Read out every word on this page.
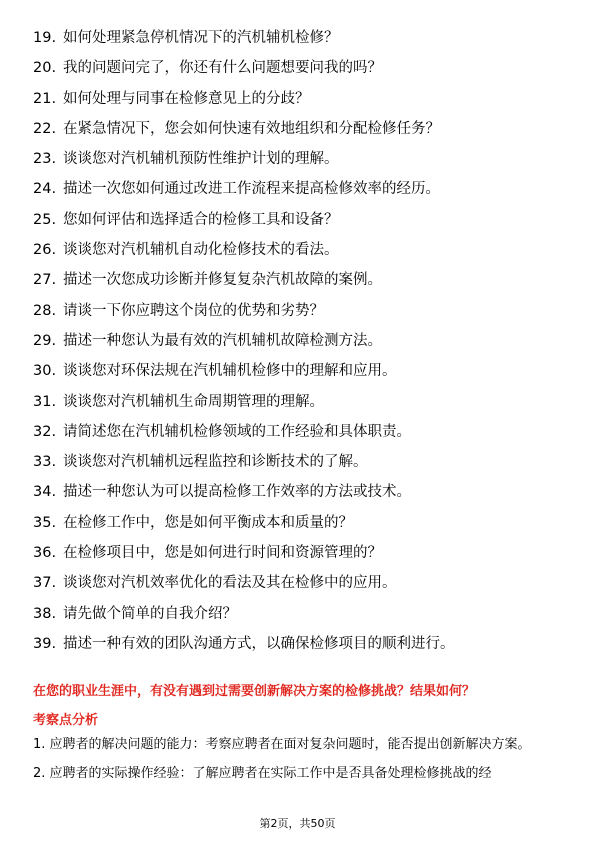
19. 如何处理紧急停机情况下的汽机辅机检修？
20. 我的问题问完了，你还有什么问题想要问我的吗？
21. 如何处理与同事在检修意见上的分歧？
22. 在紧急情况下，您会如何快速有效地组织和分配检修任务？
23. 谈谈您对汽机辅机预防性维护计划的理解。
24. 描述一次您如何通过改进工作流程来提高检修效率的经历。
25. 您如何评估和选择适合的检修工具和设备？
26. 谈谈您对汽机辅机自动化检修技术的看法。
27. 描述一次您成功诊断并修复复杂汽机故障的案例。
28. 请谈一下你应聘这个岗位的优势和劣势？
29. 描述一种您认为最有效的汽机辅机故障检测方法。
30. 谈谈您对环保法规在汽机辅机检修中的理解和应用。
31. 谈谈您对汽机辅机生命周期管理的理解。
32. 请简述您在汽机辅机检修领域的工作经验和具体职责。
33. 谈谈您对汽机辅机远程监控和诊断技术的了解。
34. 描述一种您认为可以提高检修工作效率的方法或技术。
35. 在检修工作中，您是如何平衡成本和质量的？
36. 在检修项目中，您是如何进行时间和资源管理的？
37. 谈谈您对汽机效率优化的看法及其在检修中的应用。
38. 请先做个简单的自我介绍？
39. 描述一种有效的团队沟通方式，以确保检修项目的顺利进行。
在您的职业生涯中，有没有遇到过需要创新解决方案的检修挑战？结果如何？
考察点分析

1. 应聘者的解决问题的能力：考察应聘者在面对复杂问题时，能否提出创新解决方案。

2. 应聘者的实际操作经验：了解应聘者在实际工作中是否具备处理检修挑战的经

第2页，共50页
